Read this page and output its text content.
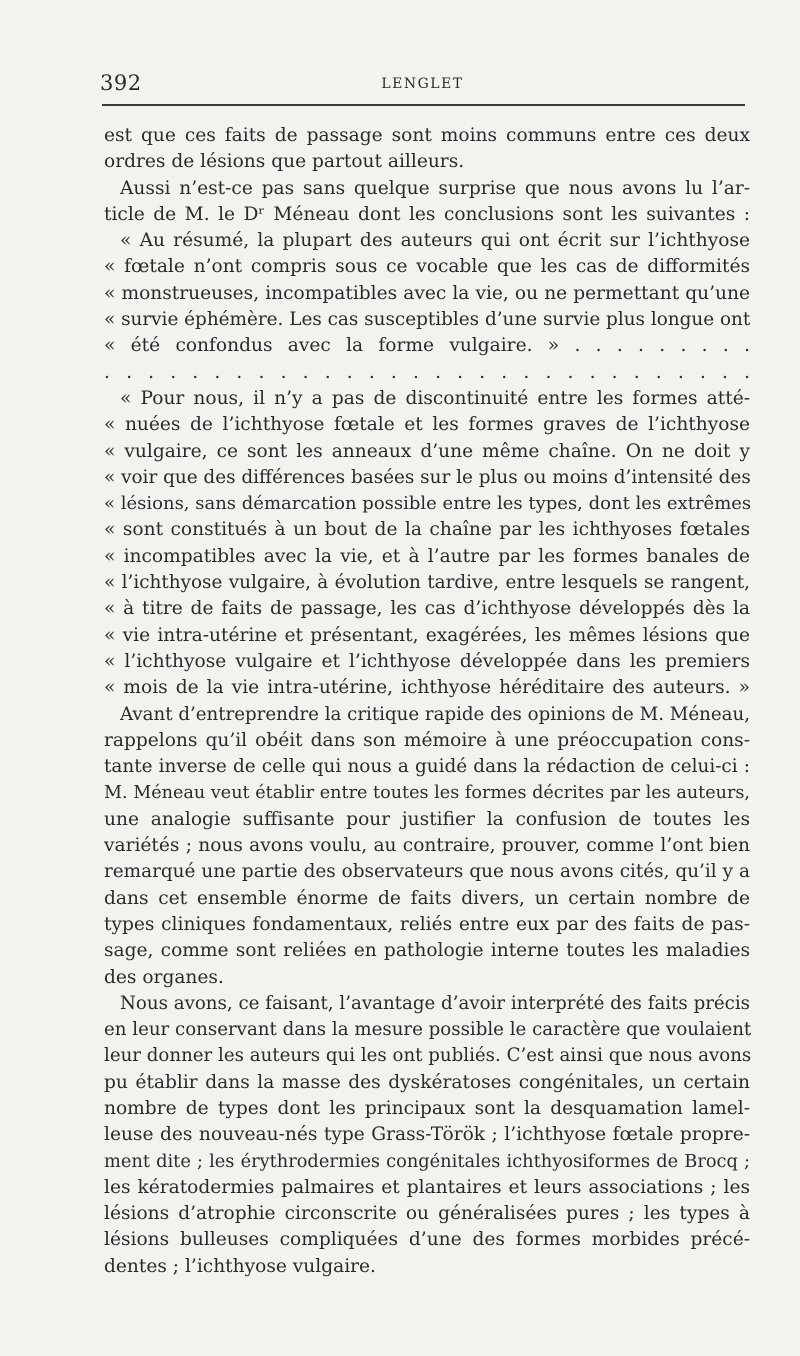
392	LENGLET
est que ces faits de passage sont moins communs entre ces deux
ordres de lésions que partout ailleurs.
Aussi n’est-ce pas sans quelque surprise que nous avons lu l’ar-
ticle de M. le Dʳ Méneau dont les conclusions sont les suivantes :
« Au résumé, la plupart des auteurs qui ont écrit sur l’ichthyose
« fœtale n’ont compris sous ce vocable que les cas de difformités
« monstrueuses, incompatibles avec la vie, ou ne permettant qu’une
« survie éphémère. Les cas susceptibles d’une survie plus longue ont
« été confondus avec la forme vulgaire. » . . . . . . . . .
. . . . . . . . . . . . . . . . . . . . . . . . . . . . . .
« Pour nous, il n’y a pas de discontinuité entre les formes atté-
« nuées de l’ichthyose fœtale et les formes graves de l’ichthyose
« vulgaire, ce sont les anneaux d’une même chaîne. On ne doit y
« voir que des différences basées sur le plus ou moins d’intensité des
« lésions, sans démarcation possible entre les types, dont les extrêmes
« sont constitués à un bout de la chaîne par les ichthyoses fœtales
« incompatibles avec la vie, et à l’autre par les formes banales de
« l’ichthyose vulgaire, à évolution tardive, entre lesquels se rangent,
« à titre de faits de passage, les cas d’ichthyose développés dès la
« vie intra-utérine et présentant, exagérées, les mêmes lésions que
« l’ichthyose vulgaire et l’ichthyose développée dans les premiers
« mois de la vie intra-utérine, ichthyose héréditaire des auteurs. »
Avant d’entreprendre la critique rapide des opinions de M. Méneau,
rappelons qu’il obéit dans son mémoire à une préoccupation cons-
tante inverse de celle qui nous a guidé dans la rédaction de celui-ci :
M. Méneau veut établir entre toutes les formes décrites par les auteurs,
une analogie suffisante pour justifier la confusion de toutes les
variétés ; nous avons voulu, au contraire, prouver, comme l’ont bien
remarqué une partie des observateurs que nous avons cités, qu’il y a
dans cet ensemble énorme de faits divers, un certain nombre de
types cliniques fondamentaux, reliés entre eux par des faits de pas-
sage, comme sont reliées en pathologie interne toutes les maladies
des organes.
Nous avons, ce faisant, l’avantage d’avoir interprété des faits précis
en leur conservant dans la mesure possible le caractère que voulaient
leur donner les auteurs qui les ont publiés. C’est ainsi que nous avons
pu établir dans la masse des dyskératoses congénitales, un certain
nombre de types dont les principaux sont la desquamation lamel-
leuse des nouveau-nés type Grass-Török ; l’ichthyose fœtale propre-
ment dite ; les érythrodermies congénitales ichthyosiformes de Brocq ;
les kératodermies palmaires et plantaires et leurs associations ; les
lésions d’atrophie circonscrite ou généralisées pures ; les types à
lésions bulleuses compliquées d’une des formes morbides précé-
dentes ; l’ichthyose vulgaire.
